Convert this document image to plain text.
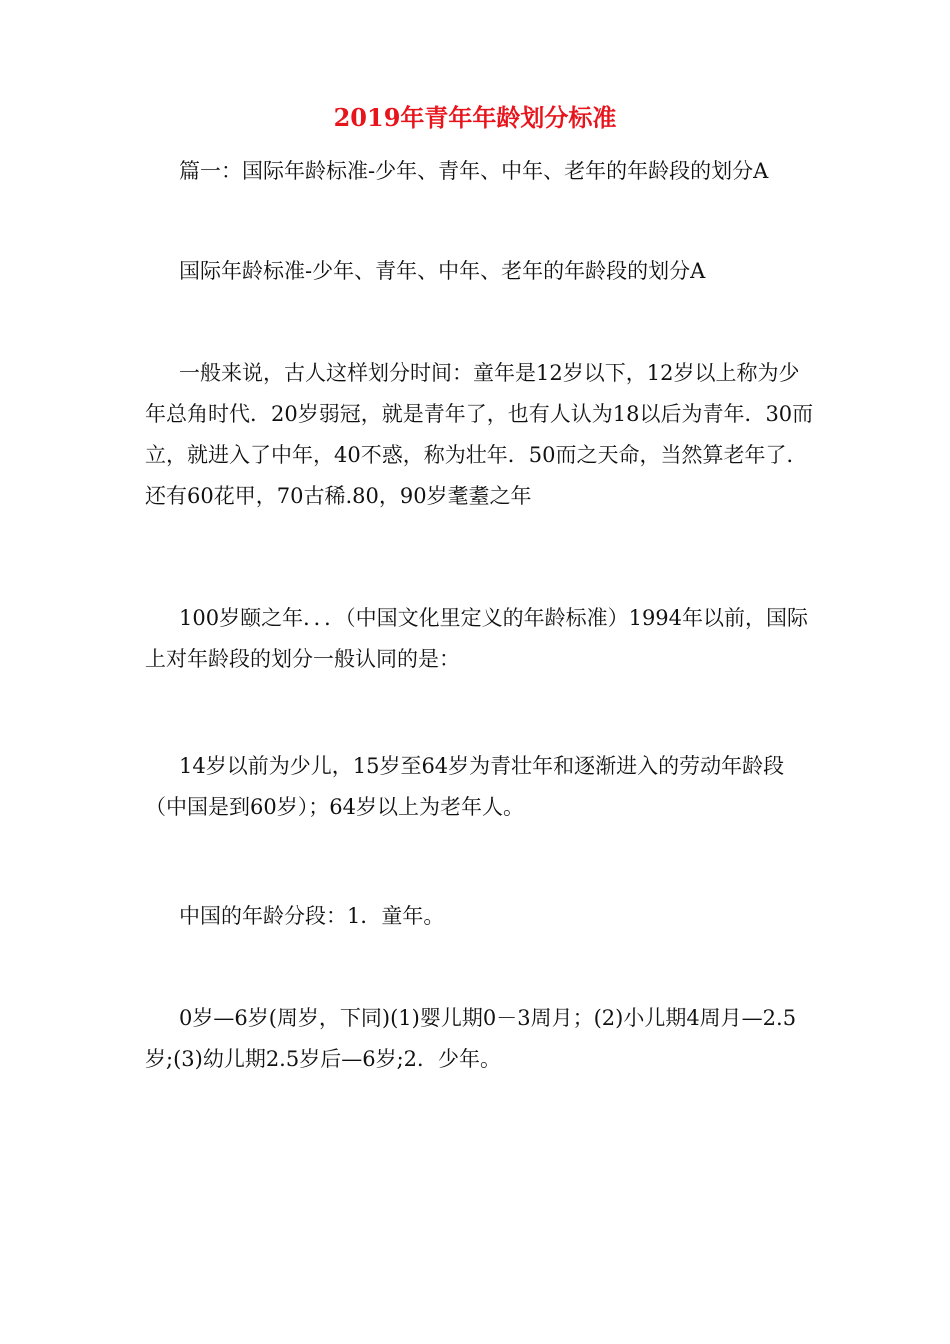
2019年青年年龄划分标准

篇一：国际年龄标准-少年、青年、中年、老年的年龄段的划分A

国际年龄标准-少年、青年、中年、老年的年龄段的划分A

一般来说，古人这样划分时间：童年是12岁以下，12岁以上称为少年总角时代．20岁弱冠，就是青年了，也有人认为18以后为青年．30而立，就进入了中年，40不惑，称为壮年．50而之天命，当然算老年了．还有60花甲，70古稀.80，90岁耄耋之年

100岁颐之年．．．（中国文化里定义的年龄标准）1994年以前，国际上对年龄段的划分一般认同的是：

14岁以前为少儿，15岁至64岁为青壮年和逐渐进入的劳动年龄段（中国是到60岁）；64岁以上为老年人。

中国的年龄分段：1．童年。

0岁—6岁(周岁，下同)(1)婴儿期0－3周月；(2)小儿期4周月—2.5岁;(3)幼儿期2.5岁后—6岁;2．少年。
